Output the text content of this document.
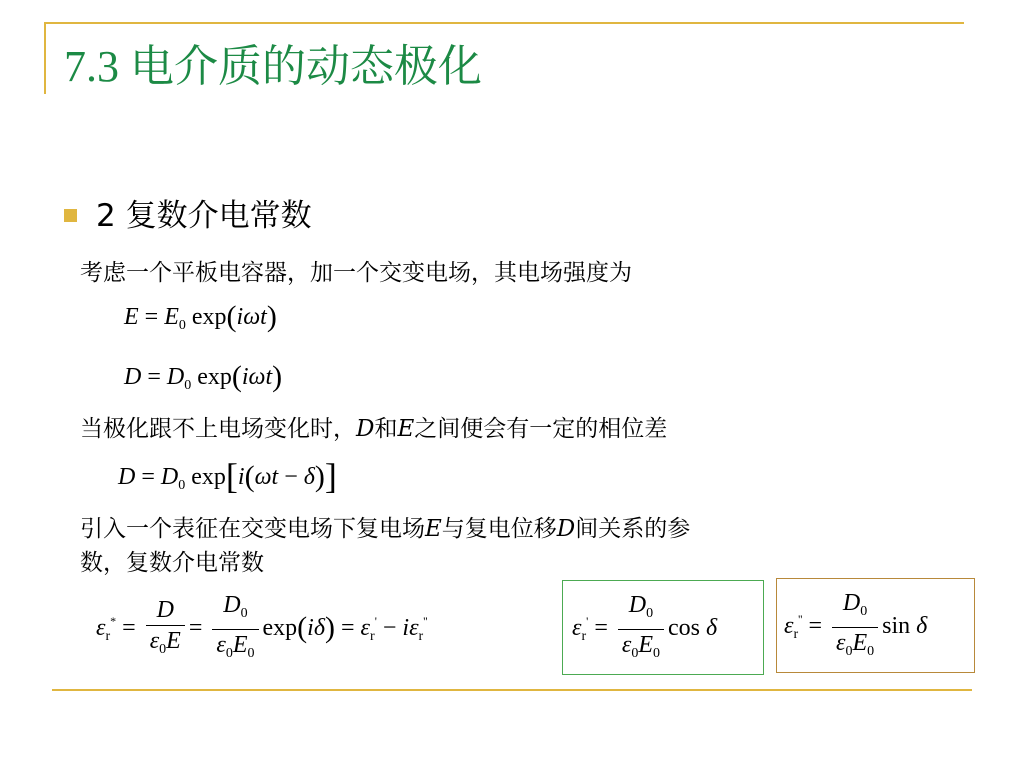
7.3 电介质的动态极化
2 复数介电常数
考虑一个平板电容器，加一个交变电场，其电场强度为
$E = E_0$ exp(iωt)
$D = D_0$ exp(iωt)
当极化跟不上电场变化时，D和E之间便会有一定的相位差
$D = D_0$ exp[i(ωt − δ)]
引入一个表征在交变电场下复电场E与复电位移D间关系的参
数，复数介电常数
$\varepsilon_r^* = \frac{D}{\varepsilon_0E} = \frac{D_0}{\varepsilon_0E_0} \exp(i\delta) = \varepsilon_r' - i\varepsilon_r''$	$\varepsilon_r' = \frac{D_0}{\varepsilon_0E_0}$ cos δ	$\varepsilon_r'' = \frac{D_0}{\varepsilon_0E_0}$ sin δ
